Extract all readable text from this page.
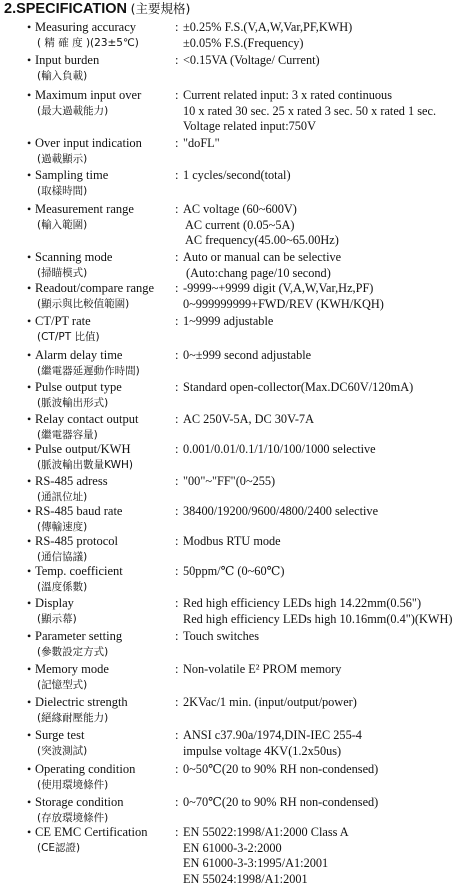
2.SPECIFICATION (主要規格)
• Measuring accuracy
( 精 確 度 )(23±5℃)
: ±0.25% F.S.(V,A,W,Var,PF,KWH)
±0.05% F.S.(Frequency)
• Input burden
(輸入負載)
: <0.15VA (Voltage/ Current)
• Maximum input over
(最大過載能力)
: Current related input: 3 x rated continuous
10 x rated 30 sec. 25 x rated 3 sec. 50 x rated 1 sec.
Voltage related input:750V
• Over input indication
(過載顯示)
: "doFL"
• Sampling time
(取樣時間)
: 1 cycles/second(total)
• Measurement range
(輸入範圍)
: AC voltage (60~600V)
AC current (0.05~5A)
AC frequency(45.00~65.00Hz)
• Scanning mode
(掃瞄模式)
: Auto or manual can be selective
(Auto:chang page/10 second)
• Readout/compare range
(顯示與比較值範圍)
: -9999~+9999 digit (V,A,W,Var,Hz,PF)
0~999999999+FWD/REV (KWH/KQH)
• CT/PT rate
(CT/PT 比值)
: 1~9999 adjustable
• Alarm delay time
(繼電器延遲動作時間)
: 0~±999 second adjustable
• Pulse output type
(脈波輸出形式)
: Standard open-collector(Max.DC60V/120mA)
• Relay contact output
(繼電器容量)
: AC 250V-5A, DC 30V-7A
• Pulse output/KWH
(脈波輸出數量KWH)
: 0.001/0.01/0.1/1/10/100/1000 selective
• RS-485 adress
(通訊位址)
: "00"~"FF"(0~255)
• RS-485 baud rate
(傳輸速度)
: 38400/19200/9600/4800/2400 selective
• RS-485 protocol
(通信協議)
: Modbus RTU mode
• Temp. coefficient
(溫度係數)
: 50ppm/℃ (0~60℃)
• Display
(顯示幕)
: Red high efficiency LEDs high 14.22mm(0.56")
Red high efficiency LEDs high 10.16mm(0.4")(KWH)
• Parameter setting
(參數設定方式)
: Touch switches
• Memory mode
(記憶型式)
: Non-volatile E² PROM memory
• Dielectric strength
(絕緣耐壓能力)
: 2KVac/1 min. (input/output/power)
• Surge test
(突波測試)
: ANSI c37.90a/1974,DIN-IEC 255-4
impulse voltage 4KV(1.2x50us)
• Operating condition
(使用環境條件)
: 0~50℃(20 to 90% RH non-condensed)
• Storage condition
(存放環境條件)
: 0~70℃(20 to 90% RH non-condensed)
• CE EMC Certification
(CE認證)
: EN 55022:1998/A1:2000 Class A
EN 61000-3-2:2000
EN 61000-3-3:1995/A1:2001
EN 55024:1998/A1:2001
